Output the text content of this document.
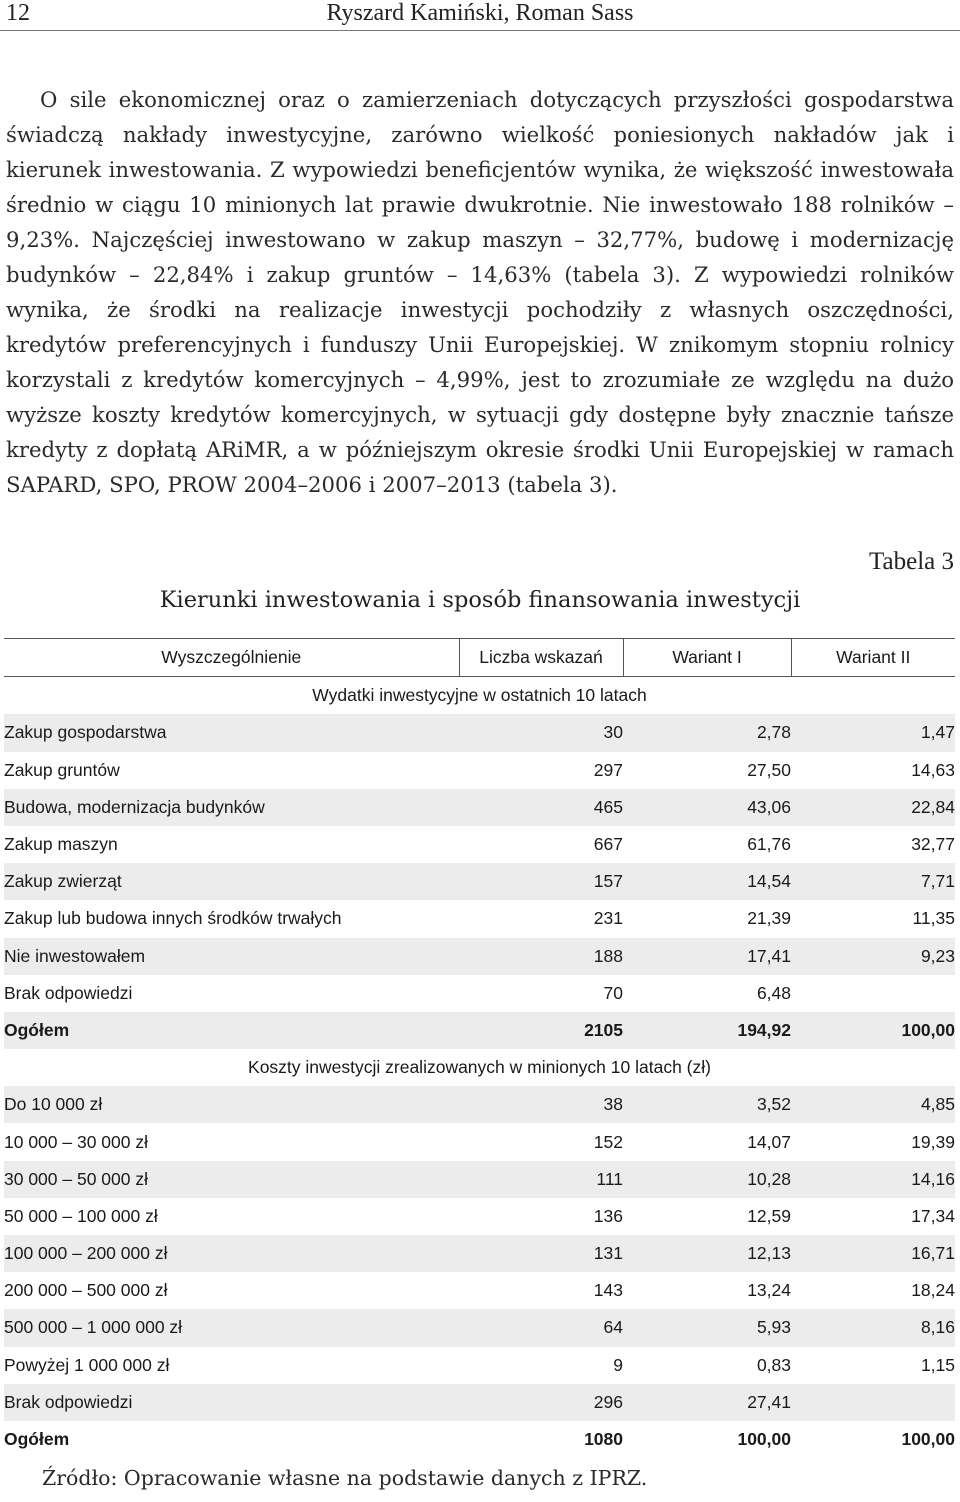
12	Ryszard Kamiński, Roman Sass

O sile ekonomicznej oraz o zamierzeniach dotyczących przyszłości gospodarstwa świadczą nakłady inwestycyjne, zarówno wielkość poniesionych nakładów jak i kierunek inwestowania. Z wypowiedzi beneficjentów wynika, że większość inwestowała średnio w ciągu 10 minionych lat prawie dwukrotnie. Nie inwestowało 188 rolników – 9,23%. Najczęściej inwestowano w zakup maszyn – 32,77%, budowę i modernizację budynków – 22,84% i zakup gruntów – 14,63% (tabela 3). Z wypowiedzi rolników wynika, że środki na realizacje inwestycji pochodziły z własnych oszczędności, kredytów preferencyjnych i funduszy Unii Europejskiej. W znikomym stopniu rolnicy korzystali z kredytów komercyjnych – 4,99%, jest to zrozumiałe ze względu na dużo wyższe koszty kredytów komercyjnych, w sytuacji gdy dostępne były znacznie tańsze kredyty z dopłatą ARiMR, a w późniejszym okresie środki Unii Europejskiej w ramach SAPARD, SPO, PROW 2004–2006 i 2007–2013 (tabela 3).

Tabela 3
Kierunki inwestowania i sposób finansowania inwestycji
Wyszczególnienie	Liczba wskazań	Wariant I	Wariant II
Wydatki inwestycyjne w ostatnich 10 latach			
Zakup gospodarstwa	30	2,78	1,47
Zakup gruntów	297	27,50	14,63
Budowa, modernizacja budynków	465	43,06	22,84
Zakup maszyn	667	61,76	32,77
Zakup zwierząt	157	14,54	7,71
Zakup lub budowa innych środków trwałych	231	21,39	11,35
Nie inwestowałem	188	17,41	9,23
Brak odpowiedzi	70	6,48	
Ogółem	2105	194,92	100,00
Koszty inwestycji zrealizowanych w minionych 10 latach (zł)			
Do 10 000 zł	38	3,52	4,85
10 000 – 30 000 zł	152	14,07	19,39
30 000 – 50 000 zł	111	10,28	14,16
50 000 – 100 000 zł	136	12,59	17,34
100 000 – 200 000 zł	131	12,13	16,71
200 000 – 500 000 zł	143	13,24	18,24
500 000 – 1 000 000 zł	64	5,93	8,16
Powyżej 1 000 000 zł	9	0,83	1,15
Brak odpowiedzi	296	27,41	
Ogółem	1080	100,00	100,00
Źródło: Opracowanie własne na podstawie danych z IPRZ.
